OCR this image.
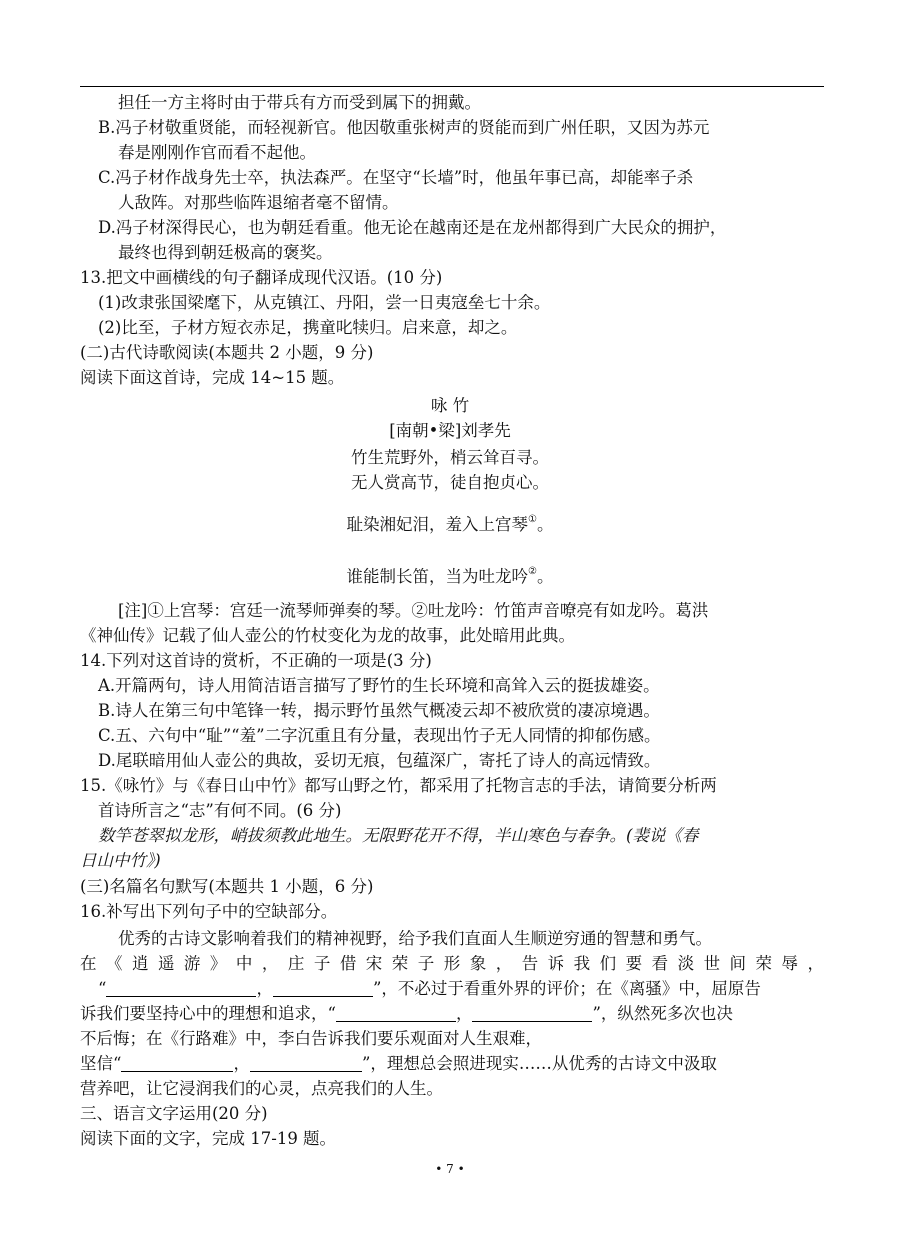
担任一方主将时由于带兵有方而受到属下的拥戴。
B.冯子材敬重贤能，而轻视新官。他因敬重张树声的贤能而到广州任职，又因为苏元
春是刚刚作官而看不起他。
C.冯子材作战身先士卒，执法森严。在坚守“长墙”时，他虽年事已高，却能率子杀
人敌阵。对那些临阵退缩者毫不留情。
D.冯子材深得民心，也为朝廷看重。他无论在越南还是在龙州都得到广大民众的拥护，
最终也得到朝廷极高的褒奖。
13.把文中画横线的句子翻译成现代汉语。(10 分)
(1)改隶张国梁麾下，从克镇江、丹阳，尝一日夷寇垒七十余。
(2)比至，子材方短衣赤足，携童叱犊归。启来意，却之。
(二)古代诗歌阅读(本题共 2 小题，9 分)
阅读下面这首诗，完成 14~15 题。
咏 竹
[南朝•梁]刘孝先
竹生荒野外，梢云耸百寻。
无人赏高节，徒自抱贞心。
耻染湘妃泪，羞入上宫琴①。
谁能制长笛，当为吐龙吟②。
[注]①上宫琴：宫廷一流琴师弹奏的琴。②吐龙吟：竹笛声音嘹亮有如龙吟。葛洪
《神仙传》记载了仙人壶公的竹杖变化为龙的故事，此处暗用此典。
14.下列对这首诗的赏析，不正确的一项是(3 分)
A.开篇两句，诗人用简洁语言描写了野竹的生长环境和高耸入云的挺拔雄姿。
B.诗人在第三句中笔锋一转，揭示野竹虽然气概凌云却不被欣赏的凄凉境遇。
C.五、六句中“耻”“羞”二字沉重且有分量，表现出竹子无人同情的抑郁伤感。
D.尾联暗用仙人壶公的典故，妥切无痕，包蕴深广，寄托了诗人的高远情致。
15.《咏竹》与《春日山中竹》都写山野之竹，都采用了托物言志的手法，请简要分析两
首诗所言之“志”有何不同。(6 分)
数竿苍翠拟龙形，峭拔须教此地生。无限野花开不得，半山寒色与春争。(裴说《春
日山中竹》)
(三)名篇名句默写(本题共 1 小题，6 分)
16.补写出下列句子中的空缺部分。
优秀的古诗文影响着我们的精神视野，给予我们直面人生顺逆穷通的智慧和勇气。
在《逍遥游》中，庄子借宋荣子形象，告诉我们要看淡世间荣辱，
“	，	”，不必过于看重外界的评价；在《离骚》中，屈原告
诉我们要坚持心中的理想和追求，“	，	”，纵然死多次也决
不后悔；在《行路难》中，李白告诉我们要乐观面对人生艰难，
坚信“	，	”，理想总会照进现实……从优秀的古诗文中汲取
营养吧，让它浸润我们的心灵，点亮我们的人生。
三、语言文字运用(20 分)
阅读下面的文字，完成 17-19 题。
• 7 •
